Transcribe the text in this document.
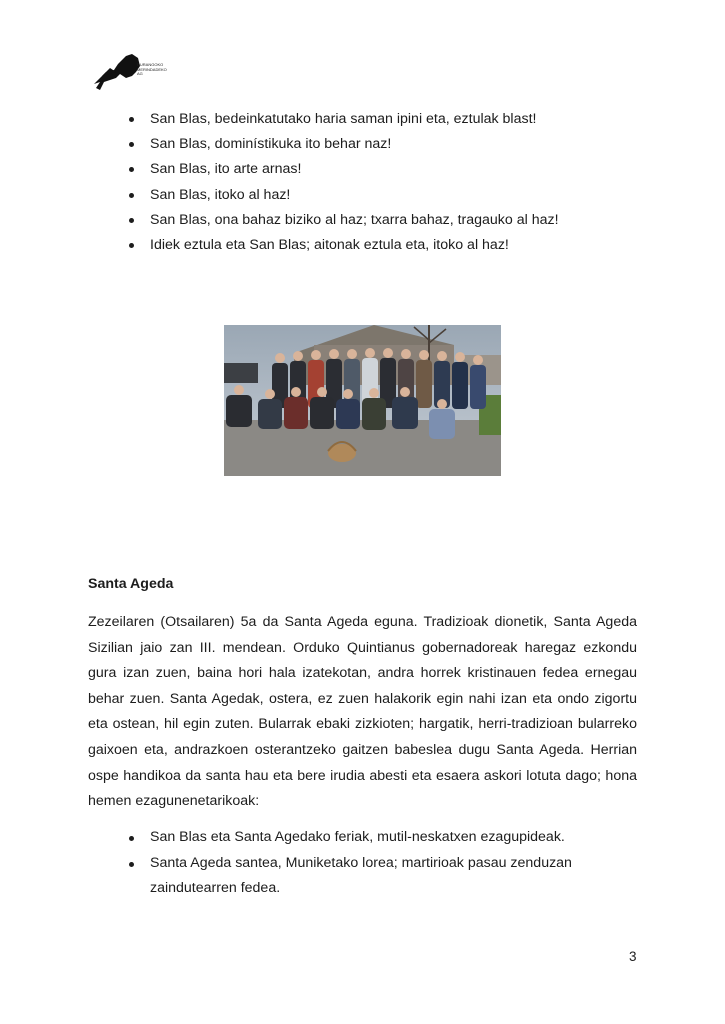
DURANGOKO
MERINDADEKO
AG
San Blas, bedeinkatutako haria saman ipini eta, eztulak blast!
San Blas, dominístikuka ito behar naz!
San Blas, ito arte arnas!
San Blas, itoko al haz!
San Blas, ona bahaz biziko al haz; txarra bahaz, tragauko al haz!
Idiek eztula eta San Blas; aitonak eztula eta, itoko al haz!
Santa Ageda

Zezeilaren (Otsailaren) 5a da Santa Ageda eguna. Tradizioak dionetik, Santa Ageda Sizilian jaio zan III. mendean. Orduko Quintianus gobernadoreak haregaz ezkondu gura izan zuen, baina hori hala izatekotan, andra horrek kristinauen fedea ernegau behar zuen. Santa Agedak, ostera, ez zuen halakorik egin nahi izan eta ondo zigortu eta ostean, hil egin zuten. Bularrak ebaki zizkioten; hargatik, herri-tradizioan bularreko gaixoen eta, andrazkoen osterantzeko gaitzen babeslea dugu Santa Ageda. Herrian ospe handikoa da santa hau eta bere irudia abesti eta esaera askori lotuta dago; hona hemen ezagunenetarikoak:

San Blas eta Santa Agedako feriak, mutil-neskatxen ezagupideak.
Santa Ageda santea, Muniketako lorea; martirioak pasau zenduzan zaindutearren fedea.
3
